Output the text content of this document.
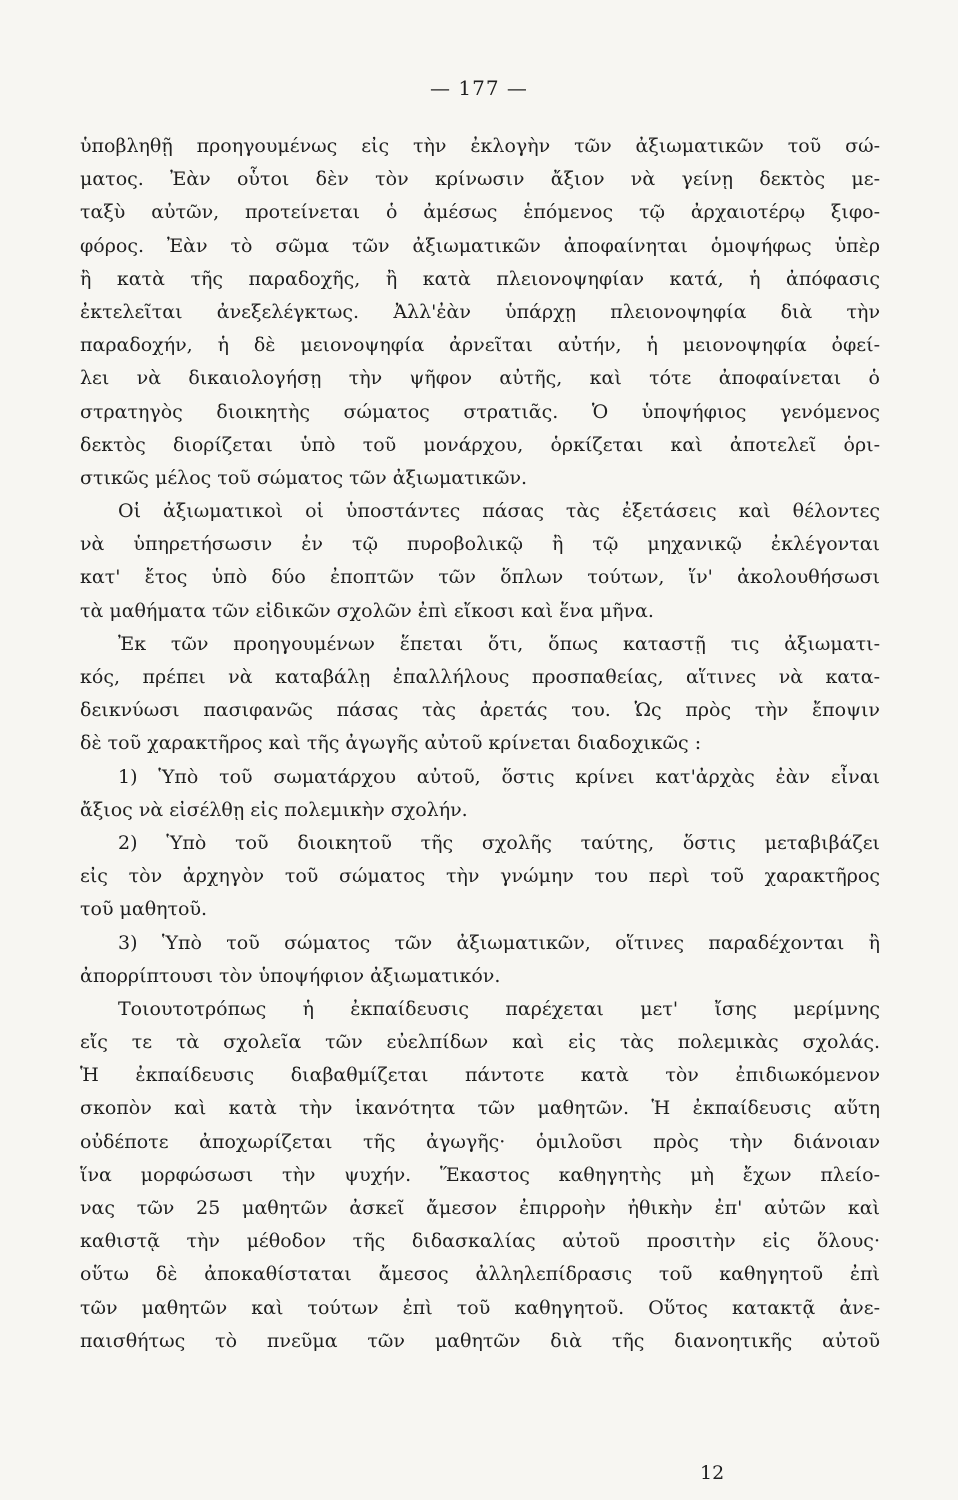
— 177 —
ὑποβληθῇ προηγουμένως εἰς τὴν ἐκλογὴν τῶν ἀξιωματικῶν τοῦ σώ-
ματος. Ἐὰν οὗτοι δὲν τὸν κρίνωσιν ἄξιον νὰ γείνῃ δεκτὸς με-
ταξὺ αὐτῶν, προτείνεται ὁ ἀμέσως ἑπόμενος τῷ ἀρχαιοτέρῳ ξιφο-
φόρος. Ἐὰν τὸ σῶμα τῶν ἀξιωματικῶν ἀποφαίνηται ὁμοψήφως ὑπὲρ
ἢ κατὰ τῆς παραδοχῆς, ἢ κατὰ πλειονοψηφίαν κατά, ἡ ἀπόφασις
ἐκτελεῖται ἀνεξελέγκτως. Ἀλλ'ἐὰν ὑπάρχῃ πλειονοψηφία διὰ τὴν
παραδοχήν, ἡ δὲ μειονοψηφία ἀρνεῖται αὐτήν, ἡ μειονοψηφία ὀφεί-
λει νὰ δικαιολογήσῃ τὴν ψῆφον αὐτῆς, καὶ τότε ἀποφαίνεται ὁ
στρατηγὸς διοικητὴς σώματος στρατιᾶς. Ὁ ὑποψήφιος γενόμενος
δεκτὸς διορίζεται ὑπὸ τοῦ μονάρχου, ὁρκίζεται καὶ ἀποτελεῖ ὁρι-
στικῶς μέλος τοῦ σώματος τῶν ἀξιωματικῶν.
Οἱ ἀξιωματικοὶ οἱ ὑποστάντες πάσας τὰς ἐξετάσεις καὶ θέλοντες
νὰ ὑπηρετήσωσιν ἐν τῷ πυροβολικῷ ἢ τῷ μηχανικῷ ἐκλέγονται
κατ' ἔτος ὑπὸ δύο ἐποπτῶν τῶν ὅπλων τούτων, ἵν' ἀκολουθήσωσι
τὰ μαθήματα τῶν εἰδικῶν σχολῶν ἐπὶ εἴκοσι καὶ ἕνα μῆνα.
Ἐκ τῶν προηγουμένων ἕπεται ὅτι, ὅπως καταστῇ τις ἀξιωματι-
κός, πρέπει νὰ καταβάλῃ ἐπαλλήλους προσπαθείας, αἵτινες νὰ κατα-
δεικνύωσι πασιφανῶς πάσας τὰς ἀρετάς του. Ὡς πρὸς τὴν ἔποψιν
δὲ τοῦ χαρακτῆρος καὶ τῆς ἀγωγῆς αὐτοῦ κρίνεται διαδοχικῶς :
1) Ὑπὸ τοῦ σωματάρχου αὐτοῦ, ὅστις κρίνει κατ'ἀρχὰς ἐὰν εἶναι
ἄξιος νὰ εἰσέλθῃ εἰς πολεμικὴν σχολήν.
2) Ὑπὸ τοῦ διοικητοῦ τῆς σχολῆς ταύτης, ὅστις μεταβιβάζει
εἰς τὸν ἀρχηγὸν τοῦ σώματος τὴν γνώμην του περὶ τοῦ χαρακτῆρος
τοῦ μαθητοῦ.
3) Ὑπὸ τοῦ σώματος τῶν ἀξιωματικῶν, οἵτινες παραδέχονται ἢ
ἀπορρίπτουσι τὸν ὑποψήφιον ἀξιωματικόν.
Τοιουτοτρόπως ἡ ἐκπαίδευσις παρέχεται μετ' ἴσης μερίμνης
εἴς τε τὰ σχολεῖα τῶν εὐελπίδων καὶ εἰς τὰς πολεμικὰς σχολάς.
Ἡ ἐκπαίδευσις διαβαθμίζεται πάντοτε κατὰ τὸν ἐπιδιωκόμενον
σκοπὸν καὶ κατὰ τὴν ἱκανότητα τῶν μαθητῶν. Ἡ ἐκπαίδευσις αὕτη
οὐδέποτε ἀποχωρίζεται τῆς ἀγωγῆς· ὁμιλοῦσι πρὸς τὴν διάνοιαν
ἵνα μορφώσωσι τὴν ψυχήν. Ἕκαστος καθηγητὴς μὴ ἔχων πλείο-
νας τῶν 25 μαθητῶν ἀσκεῖ ἄμεσον ἐπιρροὴν ἠθικὴν ἐπ' αὐτῶν καὶ
καθιστᾷ τὴν μέθοδον τῆς διδασκαλίας αὐτοῦ προσιτὴν εἰς ὅλους·
οὕτω δὲ ἀποκαθίσταται ἄμεσος ἀλληλεπίδρασις τοῦ καθηγητοῦ ἐπὶ
τῶν μαθητῶν καὶ τούτων ἐπὶ τοῦ καθηγητοῦ. Οὕτος κατακτᾷ ἀνε-
παισθήτως τὸ πνεῦμα τῶν μαθητῶν διὰ τῆς διανοητικῆς αὐτοῦ
12
